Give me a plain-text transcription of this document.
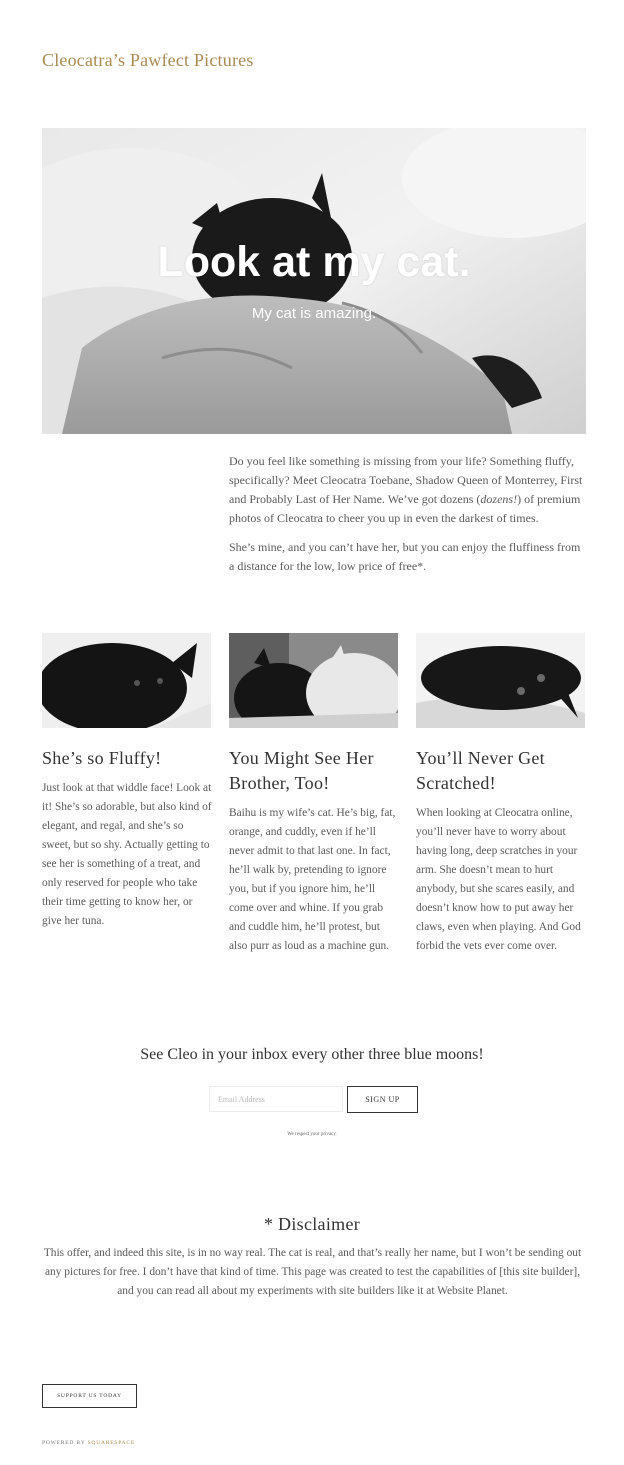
Cleocatra’s Pawfect Pictures
Look at my cat.

My cat is amazing.

Do you feel like something is missing from your life? Something fluffy, specifically? Meet Cleocatra Toebane, Shadow Queen of Monterrey, First and Probably Last of Her Name. We’ve got dozens (dozens!) of premium photos of Cleocatra to cheer you up in even the darkest of times.

She’s mine, and you can’t have her, but you can enjoy the fluffiness from a distance for the low, low price of free*.

She’s so Fluffy!

Just look at that widdle face! Look at it! She’s so adorable, but also kind of elegant, and regal, and she’s so sweet, but so shy. Actually getting to see her is something of a treat, and only reserved for people who take their time getting to know her, or give her tuna.

You Might See Her Brother, Too!

Baihu is my wife’s cat. He’s big, fat, orange, and cuddly, even if he’ll never admit to that last one. In fact, he’ll walk by, pretending to ignore you, but if you ignore him, he’ll come over and whine. If you grab and cuddle him, he’ll protest, but also purr as loud as a machine gun.

You’ll Never Get Scratched!

When looking at Cleocatra online, you’ll never have to worry about having long, deep scratches in your arm. She doesn’t mean to hurt anybody, but she scares easily, and doesn’t know how to put away her claws, even when playing. And God forbid the vets ever come over.

See Cleo in your inbox every other three blue moons!
Email Address
SIGN UP

We respect your privacy.

* Disclaimer

This offer, and indeed this site, is in no way real. The cat is real, and that’s really her name, but I won’t be sending out any pictures for free. I don’t have that kind of time. This page was created to test the capabilities of [this site builder], and you can read all about my experiments with site builders like it at Website Planet.

SUPPORT US TODAY

POWERED BY SQUARESPACE
